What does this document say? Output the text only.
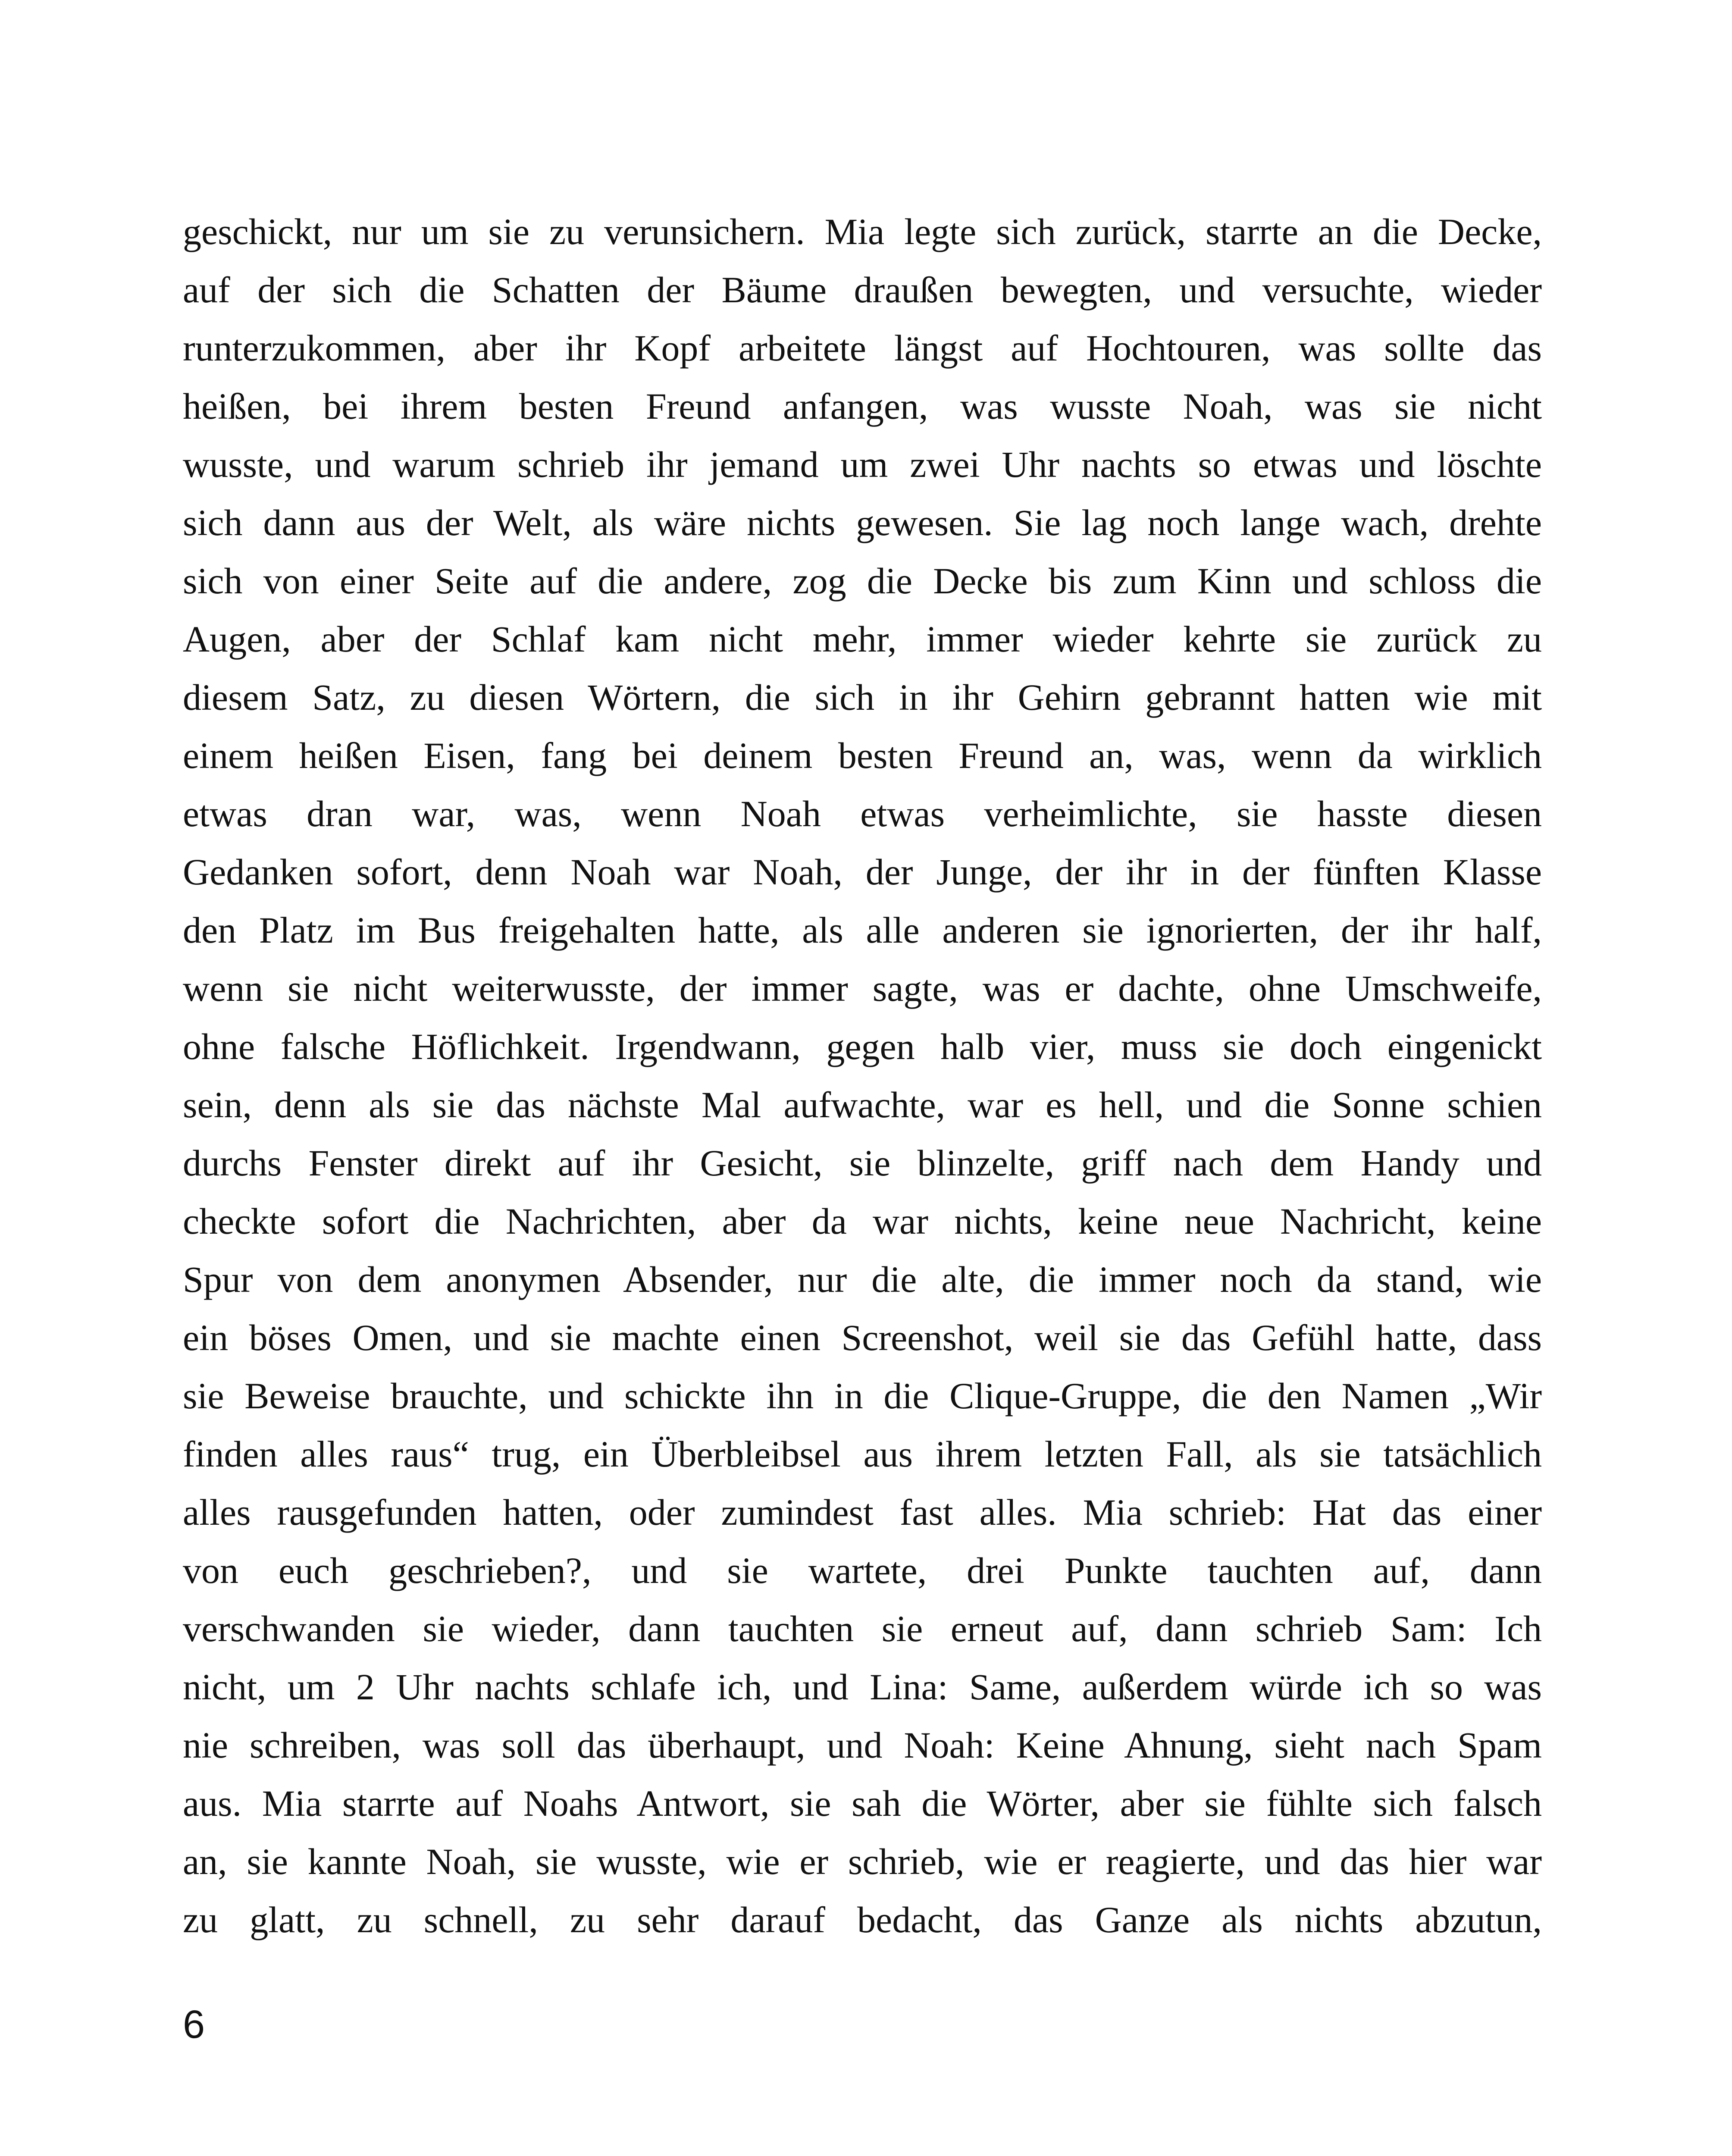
geschickt, nur um sie zu verunsichern. Mia legte sich zurück, starrte an die Decke,
auf der sich die Schatten der Bäume draußen bewegten, und versuchte, wieder
runterzukommen, aber ihr Kopf arbeitete längst auf Hochtouren, was sollte das
heißen, bei ihrem besten Freund anfangen, was wusste Noah, was sie nicht
wusste, und warum schrieb ihr jemand um zwei Uhr nachts so etwas und löschte
sich dann aus der Welt, als wäre nichts gewesen. Sie lag noch lange wach, drehte
sich von einer Seite auf die andere, zog die Decke bis zum Kinn und schloss die
Augen, aber der Schlaf kam nicht mehr, immer wieder kehrte sie zurück zu
diesem Satz, zu diesen Wörtern, die sich in ihr Gehirn gebrannt hatten wie mit
einem heißen Eisen, fang bei deinem besten Freund an, was, wenn da wirklich
etwas dran war, was, wenn Noah etwas verheimlichte, sie hasste diesen
Gedanken sofort, denn Noah war Noah, der Junge, der ihr in der fünften Klasse
den Platz im Bus freigehalten hatte, als alle anderen sie ignorierten, der ihr half,
wenn sie nicht weiterwusste, der immer sagte, was er dachte, ohne Umschweife,
ohne falsche Höflichkeit. Irgendwann, gegen halb vier, muss sie doch eingenickt
sein, denn als sie das nächste Mal aufwachte, war es hell, und die Sonne schien
durchs Fenster direkt auf ihr Gesicht, sie blinzelte, griff nach dem Handy und
checkte sofort die Nachrichten, aber da war nichts, keine neue Nachricht, keine
Spur von dem anonymen Absender, nur die alte, die immer noch da stand, wie
ein böses Omen, und sie machte einen Screenshot, weil sie das Gefühl hatte, dass
sie Beweise brauchte, und schickte ihn in die Clique-Gruppe, die den Namen „Wir
finden alles raus“ trug, ein Überbleibsel aus ihrem letzten Fall, als sie tatsächlich
alles rausgefunden hatten, oder zumindest fast alles. Mia schrieb: Hat das einer
von euch geschrieben?, und sie wartete, drei Punkte tauchten auf, dann
verschwanden sie wieder, dann tauchten sie erneut auf, dann schrieb Sam: Ich
nicht, um 2 Uhr nachts schlafe ich, und Lina: Same, außerdem würde ich so was
nie schreiben, was soll das überhaupt, und Noah: Keine Ahnung, sieht nach Spam
aus. Mia starrte auf Noahs Antwort, sie sah die Wörter, aber sie fühlte sich falsch
an, sie kannte Noah, sie wusste, wie er schrieb, wie er reagierte, und das hier war
zu glatt, zu schnell, zu sehr darauf bedacht, das Ganze als nichts abzutun,
6
